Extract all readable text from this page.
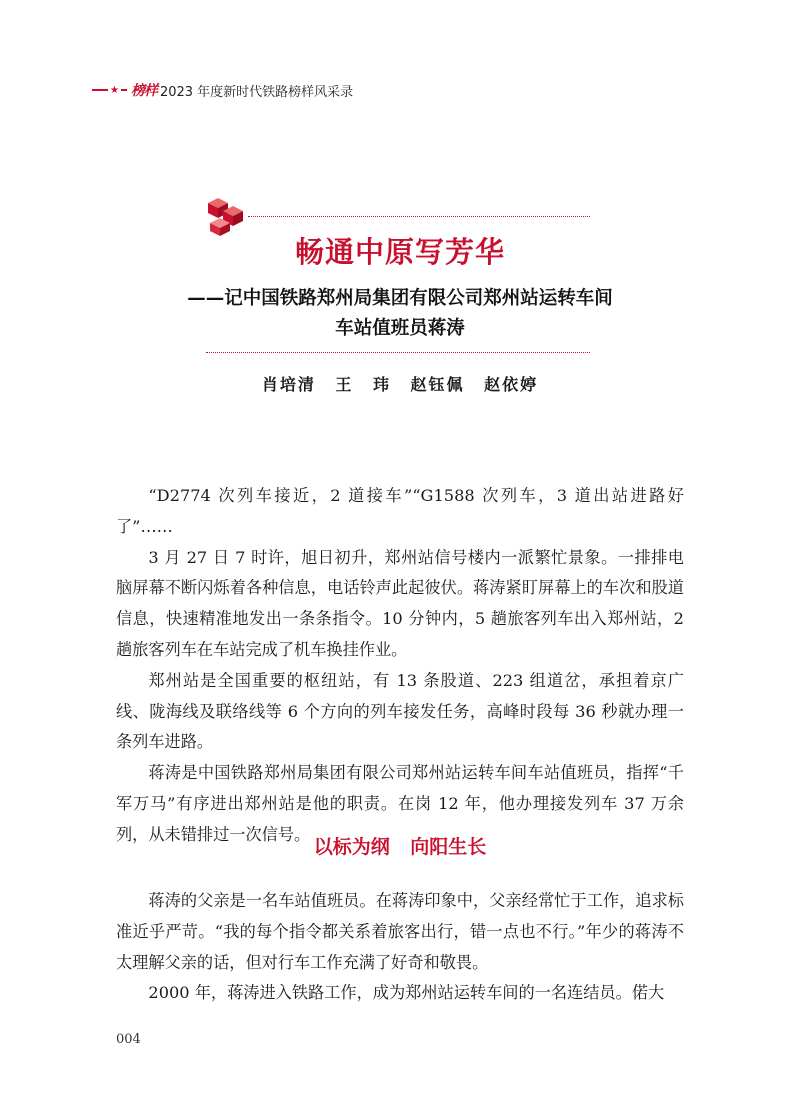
★ 榜样 2023 年度新时代铁路榜样风采录
畅通中原写芳华
——记中国铁路郑州局集团有限公司郑州站运转车间
车站值班员蒋涛
肖培清 王 玮 赵钰佩 赵依婷

“D2774 次列车接近，2 道接车”“G1588 次列车，3 道出站进路好了”……

3 月 27 日 7 时许，旭日初升，郑州站信号楼内一派繁忙景象。一排排电脑屏幕不断闪烁着各种信息，电话铃声此起彼伏。蒋涛紧盯屏幕上的车次和股道信息，快速精准地发出一条条指令。10 分钟内，5 趟旅客列车出入郑州站，2 趟旅客列车在车站完成了机车换挂作业。

郑州站是全国重要的枢纽站，有 13 条股道、223 组道岔，承担着京广线、陇海线及联络线等 6 个方向的列车接发任务，高峰时段每 36 秒就办理一条列车进路。

蒋涛是中国铁路郑州局集团有限公司郑州站运转车间车站值班员，指挥“千军万马”有序进出郑州站是他的职责。在岗 12 年，他办理接发列车 37 万余列，从未错排过一次信号。

以标为纲 向阳生长

蒋涛的父亲是一名车站值班员。在蒋涛印象中，父亲经常忙于工作，追求标准近乎严苛。“我的每个指令都关系着旅客出行，错一点也不行。”年少的蒋涛不太理解父亲的话，但对行车工作充满了好奇和敬畏。

2000 年，蒋涛进入铁路工作，成为郑州站运转车间的一名连结员。偌大

004
